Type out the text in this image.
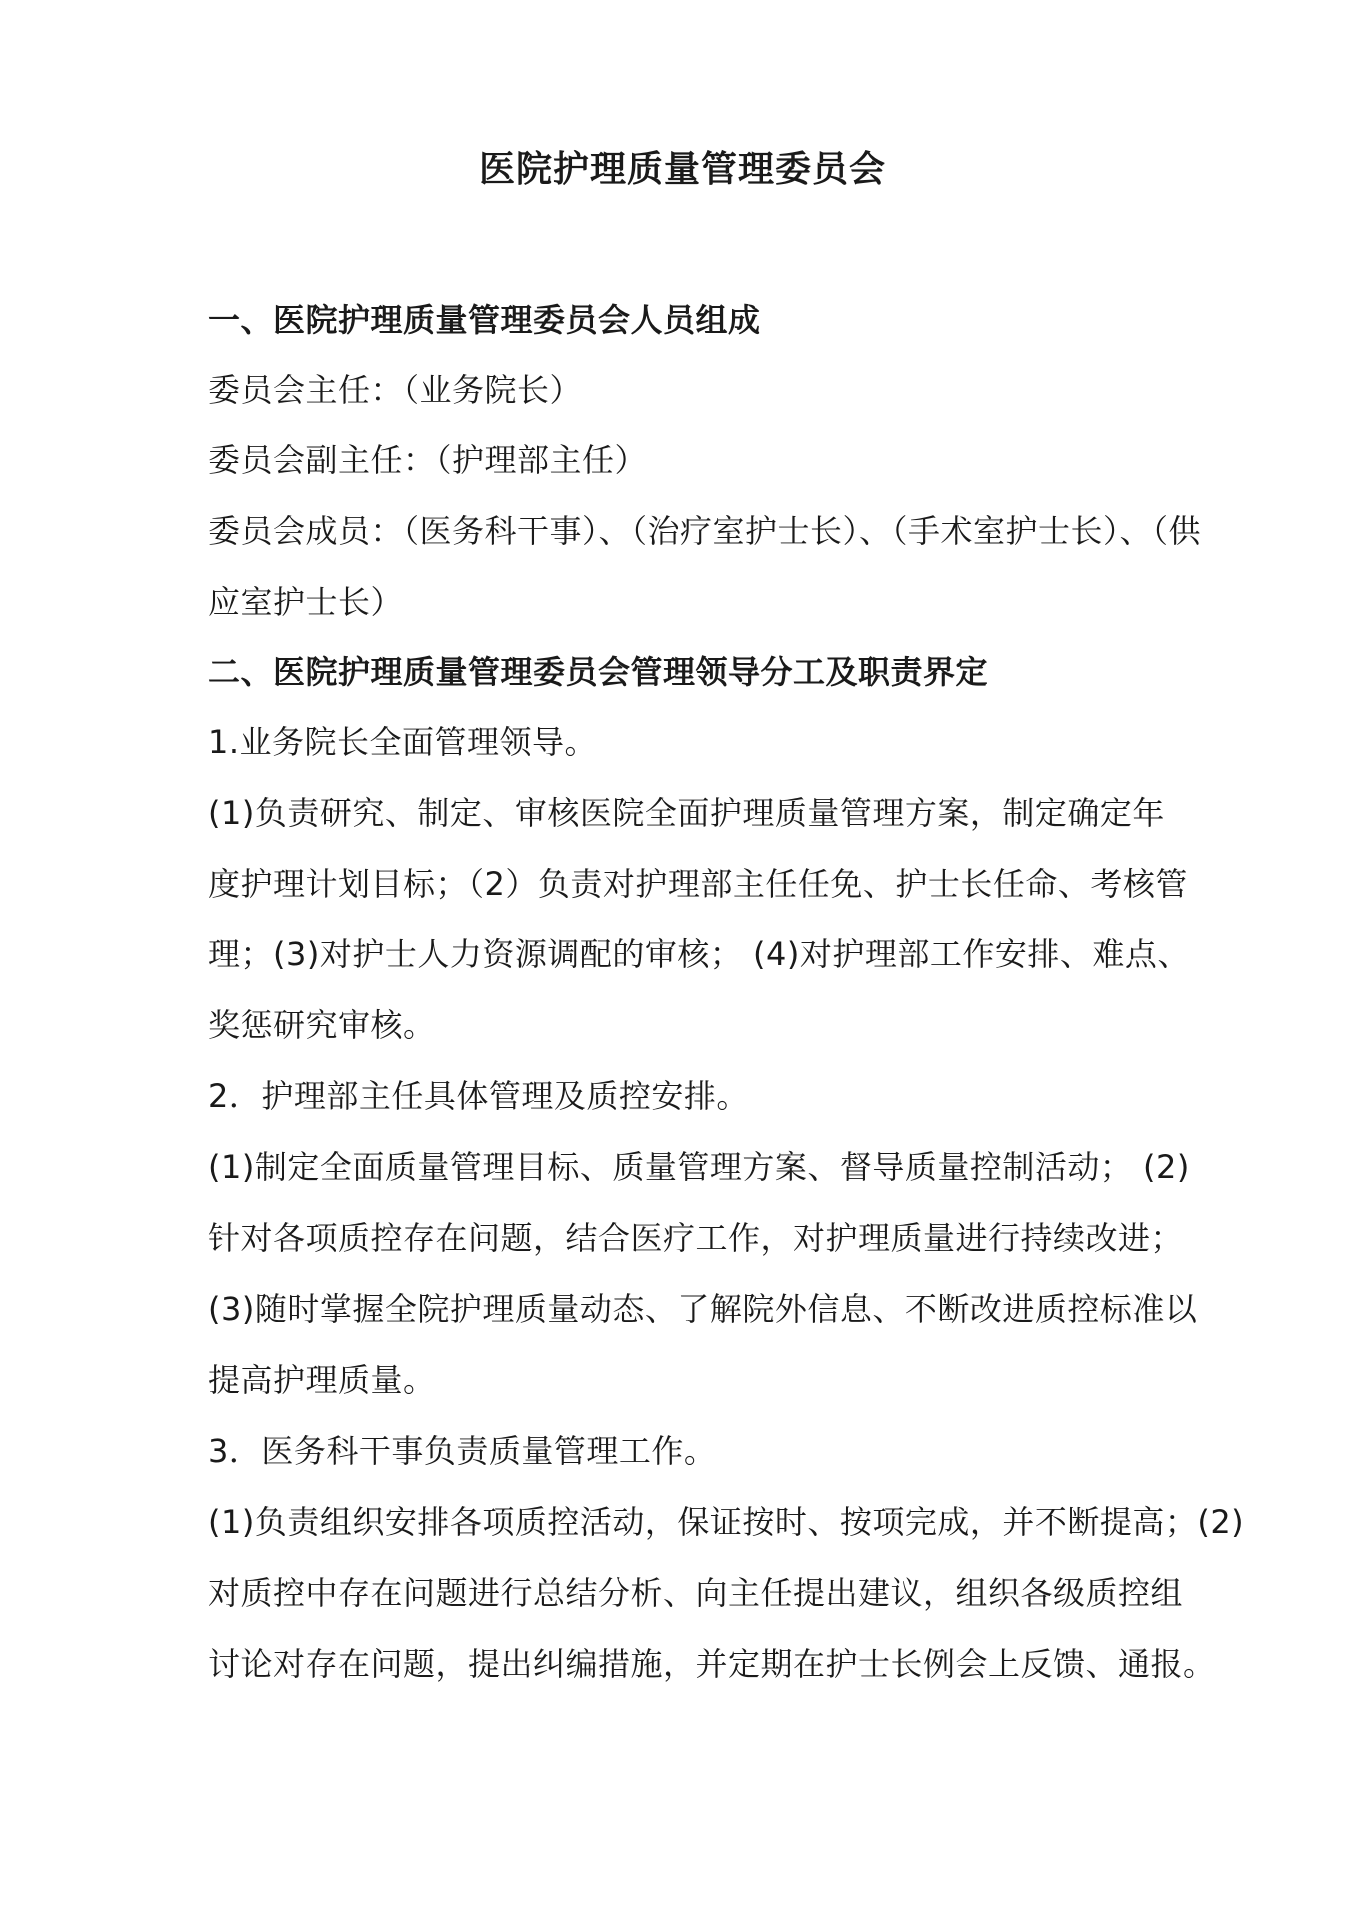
医院护理质量管理委员会
一、医院护理质量管理委员会人员组成
委员会主任：（业务院长）
委员会副主任：（护理部主任）
委员会成员：（医务科干事）、（治疗室护士长）、（手术室护士长）、（供
应室护士长）
二、医院护理质量管理委员会管理领导分工及职责界定
1.业务院长全面管理领导。
(1)负责研究、制定、审核医院全面护理质量管理方案，制定确定年
度护理计划目标；（2）负责对护理部主任任免、护士长任命、考核管
理；(3)对护士人力资源调配的审核； (4)对护理部工作安排、难点、
奖惩研究审核。
2．护理部主任具体管理及质控安排。
(1)制定全面质量管理目标、质量管理方案、督导质量控制活动； (2)
针对各项质控存在问题，结合医疗工作，对护理质量进行持续改进；
(3)随时掌握全院护理质量动态、了解院外信息、不断改进质控标准以
提高护理质量。
3．医务科干事负责质量管理工作。
(1)负责组织安排各项质控活动，保证按时、按项完成，并不断提高；(2)
对质控中存在问题进行总结分析、向主任提出建议，组织各级质控组
讨论对存在问题，提出纠编措施，并定期在护士长例会上反馈、通报。
